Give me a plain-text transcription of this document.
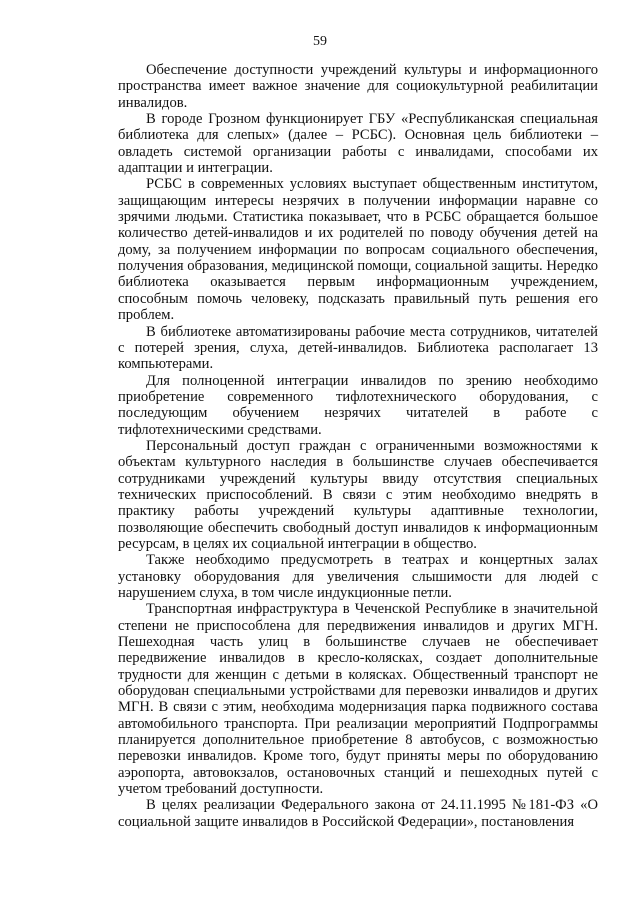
59

Обеспечение доступности учреждений культуры и информационного пространства имеет важное значение для социокультурной реабилитации инвалидов.

В городе Грозном функционирует ГБУ «Республиканская специальная библиотека для слепых» (далее – РСБС). Основная цель библиотеки – овладеть системой организации работы с инвалидами, способами их адаптации и интеграции.

РСБС в современных условиях выступает общественным институтом, защищающим интересы незрячих в получении информации наравне со зрячими людьми. Статистика показывает, что в РСБС обращается большое количество детей-инвалидов и их родителей по поводу обучения детей на дому, за получением информации по вопросам социального обеспечения, получения образования, медицинской помощи, социальной защиты. Нередко библиотека оказывается первым информационным учреждением, способным помочь человеку, подсказать правильный путь решения его проблем.

В библиотеке автоматизированы рабочие места сотрудников, читателей с потерей зрения, слуха, детей-инвалидов. Библиотека располагает 13 компьютерами.

Для полноценной интеграции инвалидов по зрению необходимо приобретение современного тифлотехнического оборудования, с последующим обучением незрячих читателей в работе с тифлотехническими средствами.

Персональный доступ граждан с ограниченными возможностями к объектам культурного наследия в большинстве случаев обеспечивается сотрудниками учреждений культуры ввиду отсутствия специальных технических приспособлений. В связи с этим необходимо внедрять в практику работы учреждений культуры адаптивные технологии, позволяющие обеспечить свободный доступ инвалидов к информационным ресурсам, в целях их социальной интеграции в общество.

Также необходимо предусмотреть в театрах и концертных залах установку оборудования для увеличения слышимости для людей с нарушением слуха, в том числе индукционные петли.

Транспортная инфраструктура в Чеченской Республике в значительной степени не приспособлена для передвижения инвалидов и других МГН. Пешеходная часть улиц в большинстве случаев не обеспечивает передвижение инвалидов в кресло-колясках, создает дополнительные трудности для женщин с детьми в колясках. Общественный транспорт не оборудован специальными устройствами для перевозки инвалидов и других МГН. В связи с этим, необходима модернизация парка подвижного состава автомобильного транспорта. При реализации мероприятий Подпрограммы планируется дополнительное приобретение 8 автобусов, с возможностью перевозки инвалидов. Кроме того, будут приняты меры по оборудованию аэропорта, автовокзалов, остановочных станций и пешеходных путей с учетом требований доступности.

В целях реализации Федерального закона от 24.11.1995 №181-ФЗ «О социальной защите инвалидов в Российской Федерации», постановления
